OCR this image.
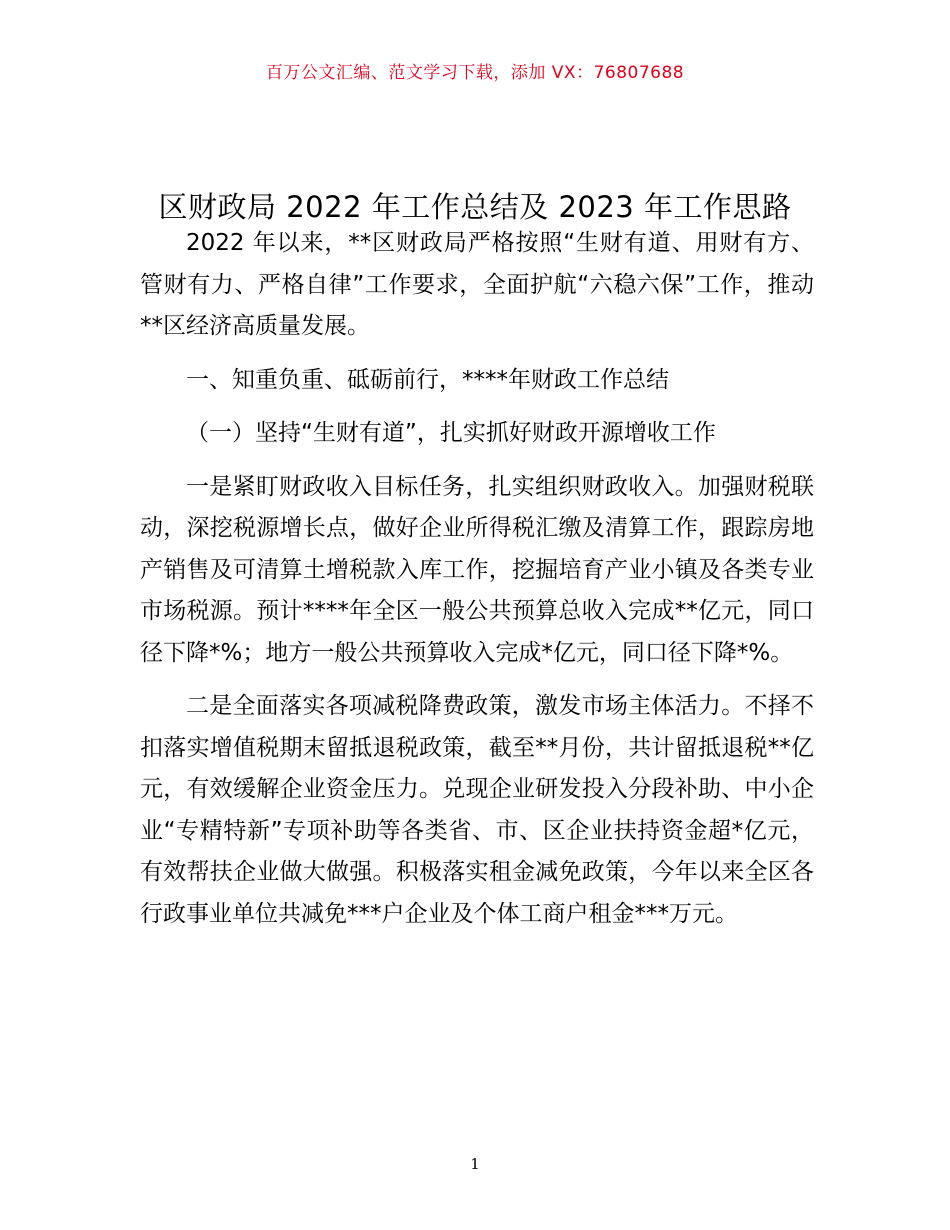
百万公文汇编、范文学习下载，添加 VX：76807688
区财政局 2022 年工作总结及 2023 年工作思路

2022 年以来，**区财政局严格按照“生财有道、用财有方、管财有力、严格自律”工作要求，全面护航“六稳六保”工作，推动**区经济高质量发展。

一、知重负重、砥砺前行，****年财政工作总结

（一）坚持“生财有道”，扎实抓好财政开源增收工作

一是紧盯财政收入目标任务，扎实组织财政收入。加强财税联动，深挖税源增长点，做好企业所得税汇缴及清算工作，跟踪房地产销售及可清算土增税款入库工作，挖掘培育产业小镇及各类专业市场税源。预计****年全区一般公共预算总收入完成**亿元，同口径下降*%；地方一般公共预算收入完成*亿元，同口径下降*%。

二是全面落实各项减税降费政策，激发市场主体活力。不择不扣落实增值税期末留抵退税政策，截至**月份，共计留抵退税**亿元，有效缓解企业资金压力。兑现企业研发投入分段补助、中小企业“专精特新”专项补助等各类省、市、区企业扶持资金超*亿元，有效帮扶企业做大做强。积极落实租金减免政策，今年以来全区各行政事业单位共减免***户企业及个体工商户租金***万元。

1
